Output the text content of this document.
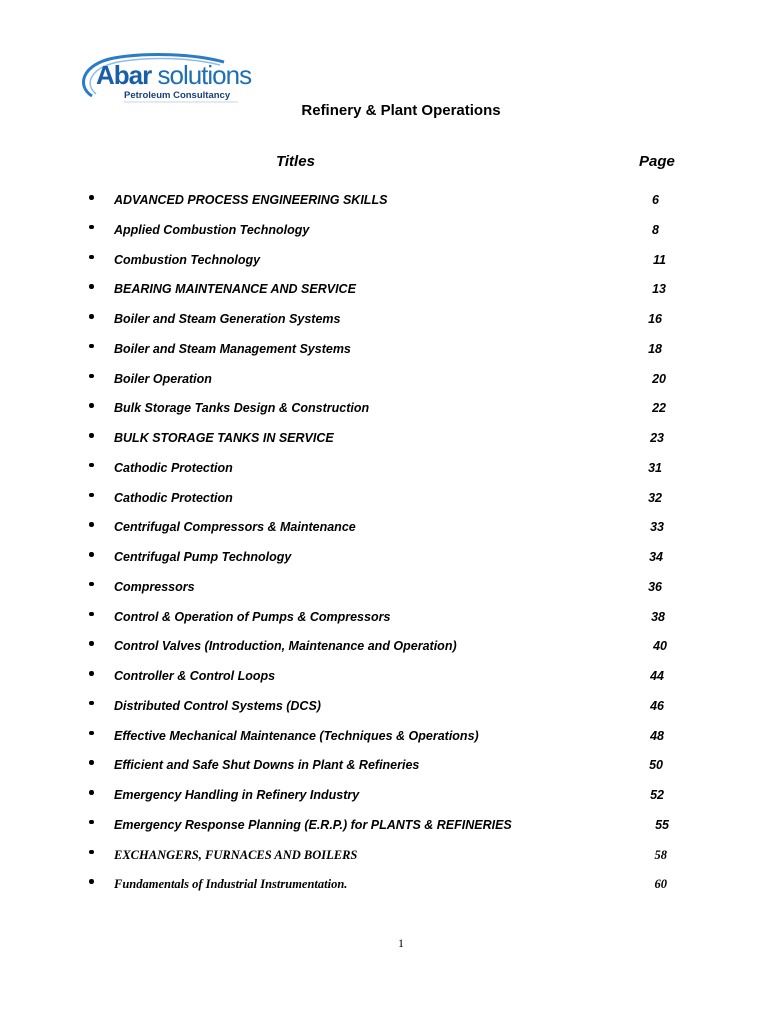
Abar solutions
Petroleum Consultancy
Refinery & Plant Operations
Titles	Page
ADVANCED PROCESS ENGINEERING SKILLS	6
Applied Combustion Technology	8
Combustion Technology	11
BEARING MAINTENANCE AND SERVICE	13
Boiler and Steam Generation Systems	16
Boiler and Steam Management Systems	18
Boiler Operation	20
Bulk Storage Tanks Design & Construction	22
BULK STORAGE TANKS IN SERVICE	23
Cathodic Protection	31
Cathodic Protection	32
Centrifugal Compressors & Maintenance	33
Centrifugal Pump Technology	34
Compressors	36
Control & Operation of Pumps & Compressors	38
Control Valves (Introduction, Maintenance and Operation)	40
Controller & Control Loops	44
Distributed Control Systems (DCS)	46
Effective Mechanical Maintenance (Techniques & Operations)	48
Efficient and Safe Shut Downs in Plant & Refineries	50
Emergency Handling in Refinery Industry	52
Emergency Response Planning (E.R.P.) for PLANTS & REFINERIES	55
EXCHANGERS, FURNACES AND BOILERS	58
Fundamentals of Industrial Instrumentation.	60
1
